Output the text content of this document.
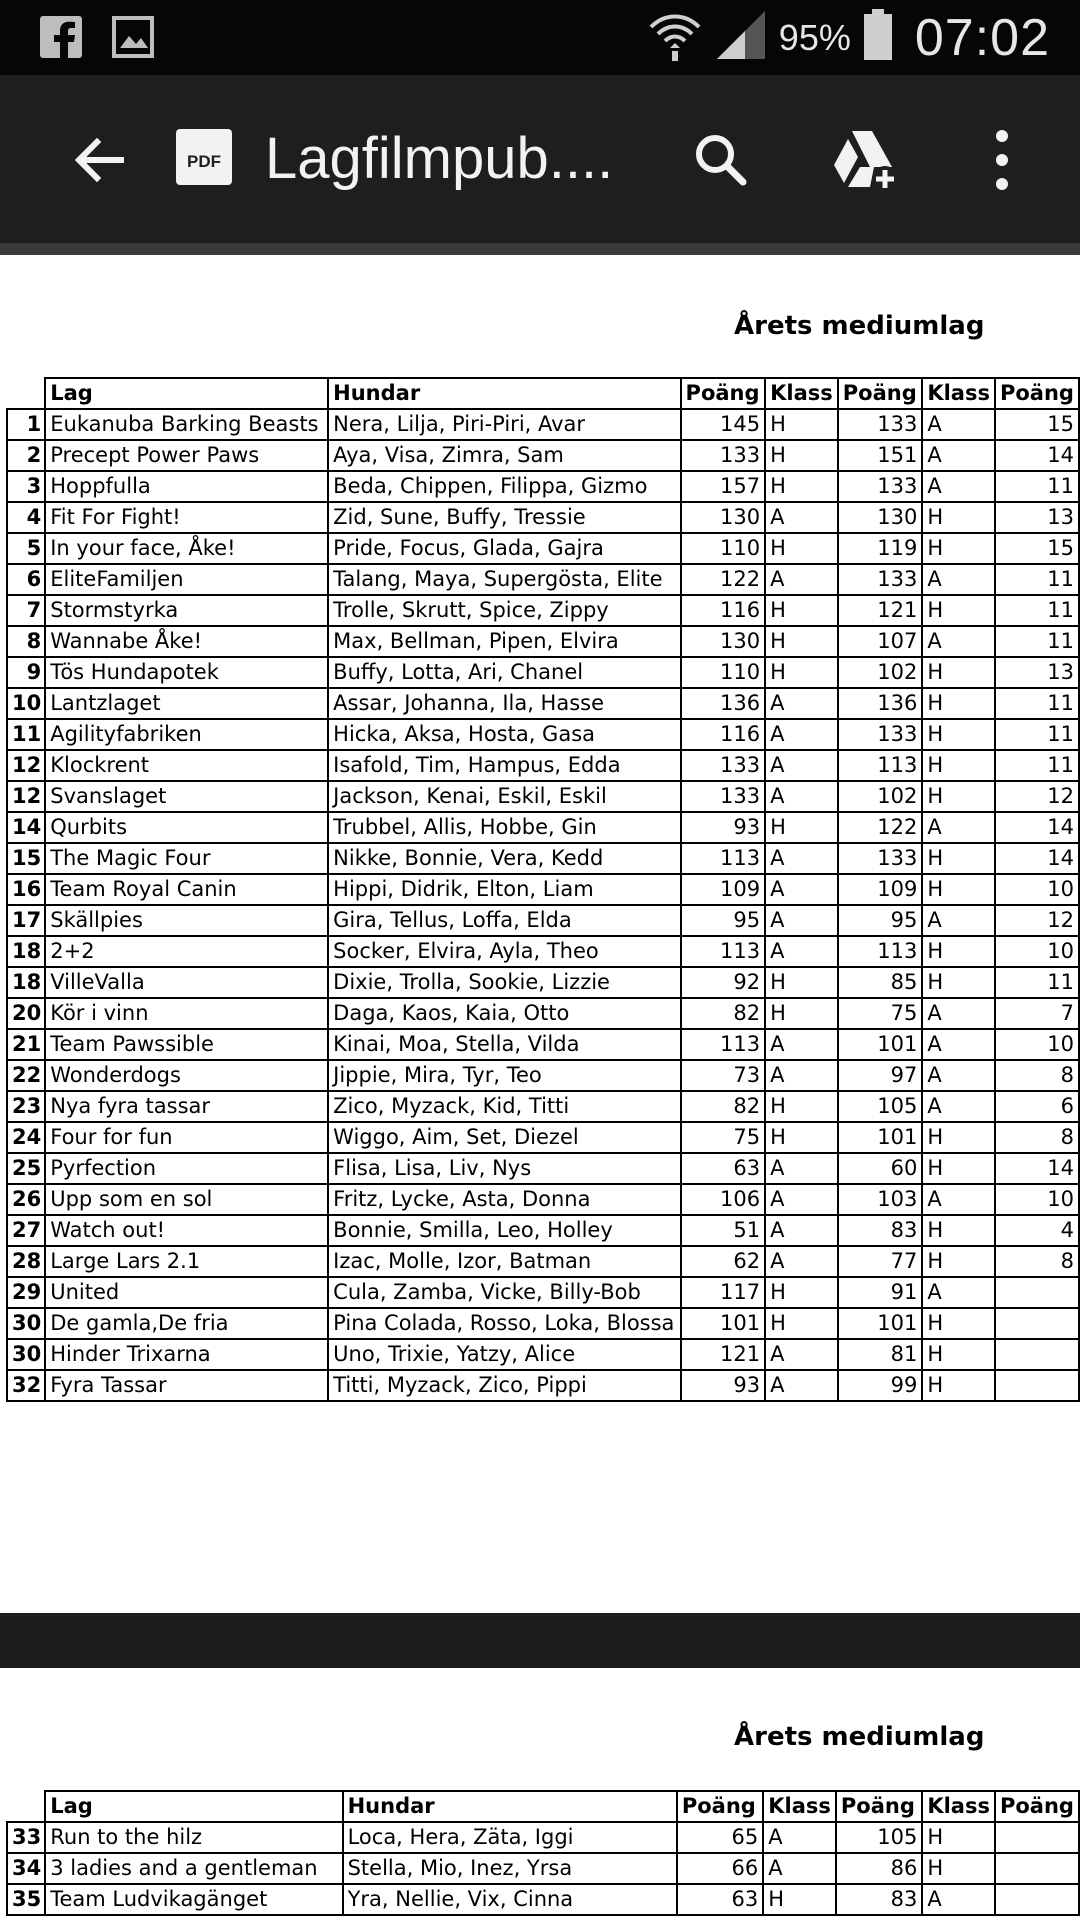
95% 07:02
PDF Lagfilmpub....
Årets mediumlag
	Lag	Hundar	Poäng	Klass	Poäng	Klass	Poäng
1	Eukanuba Barking Beasts	Nera, Lilja, Piri-Piri, Avar	145	H	133	A	15
2	Precept Power Paws	Aya, Visa, Zimra, Sam	133	H	151	A	14
3	Hoppfulla	Beda, Chippen, Filippa, Gizmo	157	H	133	A	11
4	Fit For Fight!	Zid, Sune, Buffy, Tressie	130	A	130	H	13
5	In your face, Åke!	Pride, Focus, Glada, Gajra	110	H	119	H	15
6	EliteFamiljen	Talang, Maya, Supergösta, Elite	122	A	133	A	11
7	Stormstyrka	Trolle, Skrutt, Spice, Zippy	116	H	121	H	11
8	Wannabe Åke!	Max, Bellman, Pipen, Elvira	130	H	107	A	11
9	Tös Hundapotek	Buffy, Lotta, Ari, Chanel	110	H	102	H	13
10	Lantzlaget	Assar, Johanna, Ila, Hasse	136	A	136	H	11
11	Agilityfabriken	Hicka, Aksa, Hosta, Gasa	116	A	133	H	11
12	Klockrent	Isafold, Tim, Hampus, Edda	133	A	113	H	11
12	Svanslaget	Jackson, Kenai, Eskil, Eskil	133	A	102	H	12
14	Qurbits	Trubbel, Allis, Hobbe, Gin	93	H	122	A	14
15	The Magic Four	Nikke, Bonnie, Vera, Kedd	113	A	133	H	14
16	Team Royal Canin	Hippi, Didrik, Elton, Liam	109	A	109	H	10
17	Skällpies	Gira, Tellus, Loffa, Elda	95	A	95	A	12
18	2+2	Socker, Elvira, Ayla, Theo	113	A	113	H	10
18	VilleValla	Dixie, Trolla, Sookie, Lizzie	92	H	85	H	11
20	Kör i vinn	Daga, Kaos, Kaia, Otto	82	H	75	A	7
21	Team Pawssible	Kinai, Moa, Stella, Vilda	113	A	101	A	10
22	Wonderdogs	Jippie, Mira, Tyr, Teo	73	A	97	A	8
23	Nya fyra tassar	Zico, Myzack, Kid, Titti	82	H	105	A	6
24	Four for fun	Wiggo, Aim, Set, Diezel	75	H	101	H	8
25	Pyrfection	Flisa, Lisa, Liv, Nys	63	A	60	H	14
26	Upp som en sol	Fritz, Lycke, Asta, Donna	106	A	103	A	10
27	Watch out!	Bonnie, Smilla, Leo, Holley	51	A	83	H	4
28	Large Lars 2.1	Izac, Molle, Izor, Batman	62	A	77	H	8
29	United	Cula, Zamba, Vicke, Billy-Bob	117	H	91	A	
30	De gamla,De fria	Pina Colada, Rosso, Loka, Blossa	101	H	101	H	
30	Hinder Trixarna	Uno, Trixie, Yatzy, Alice	121	A	81	H	
32	Fyra Tassar	Titti, Myzack, Zico, Pippi	93	A	99	H	
Årets mediumlag
	Lag	Hundar	Poäng	Klass	Poäng	Klass	Poäng
33	Run to the hilz	Loca, Hera, Zäta, Iggi	65	A	105	H	
34	3 ladies and a gentleman	Stella, Mio, Inez, Yrsa	66	A	86	H	
35	Team Ludvikagänget	Yra, Nellie, Vix, Cinna	63	H	83	A	
